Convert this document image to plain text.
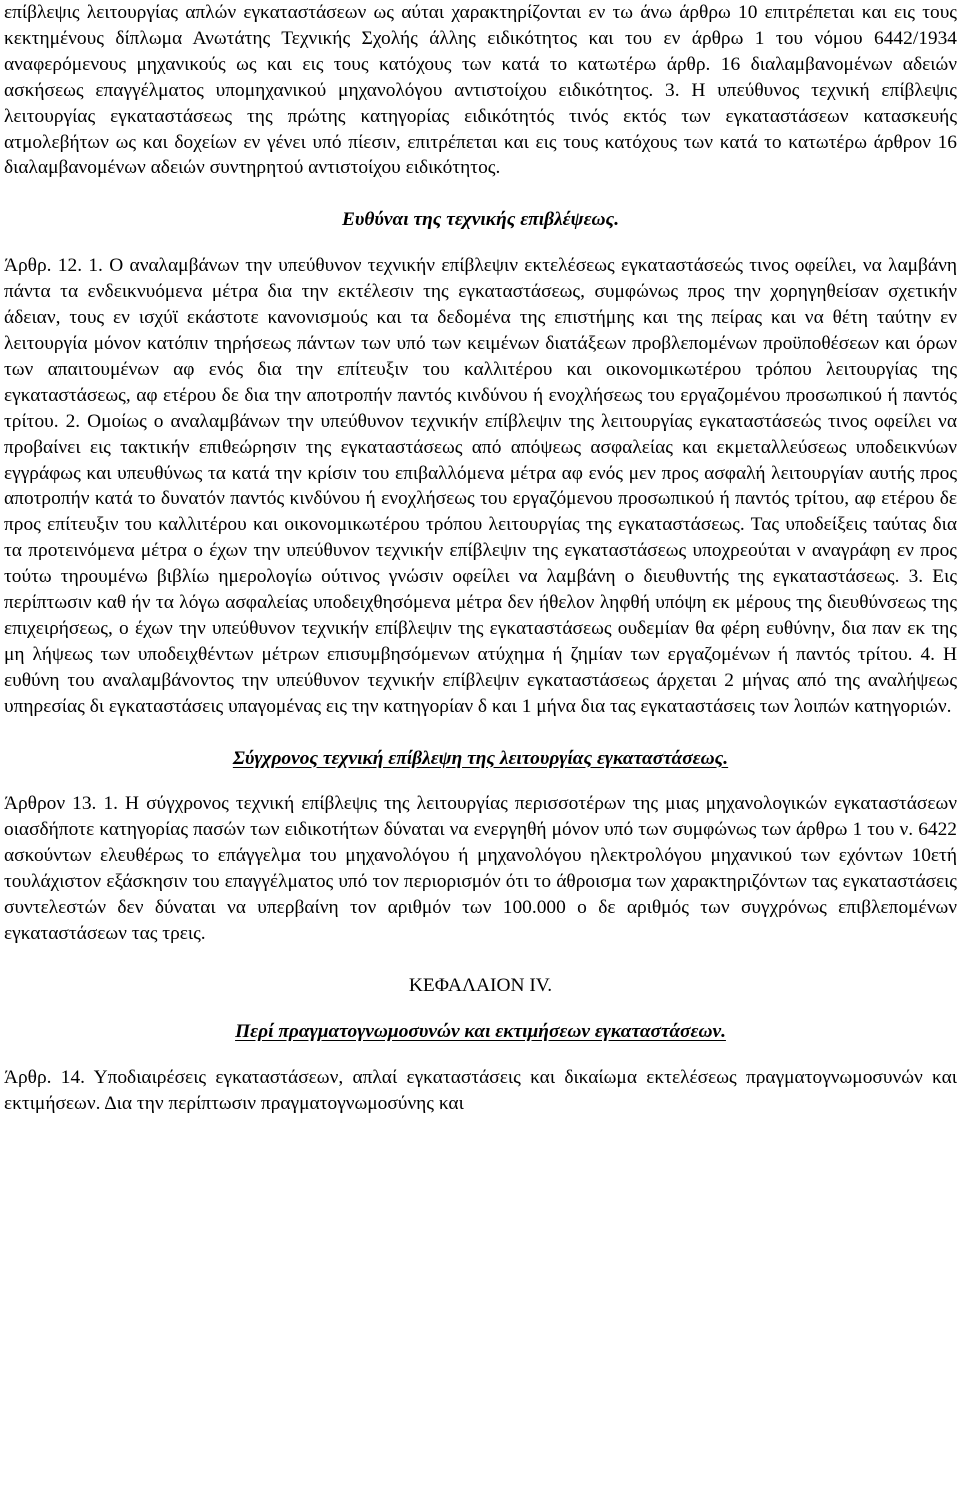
επίβλεψις λειτουργίας απλών εγκαταστάσεων ως αύται χαρακτηρίζονται εν τω άνω άρθρω 10 επιτρέπεται και εις τους κεκτημένους δίπλωμα Ανωτάτης Τεχνικής Σχολής άλλης ειδικότητος και του εν άρθρω 1 του νόμου 6442/1934 αναφερόμενους μηχανικούς ως και εις τους κατόχους των κατά το κατωτέρω άρθρ. 16 διαλαμβανομένων αδειών ασκήσεως επαγγέλματος υπομηχανικού μηχανολόγου αντιστοίχου ειδικότητος. 3. Η υπεύθυνος τεχνική επίβλεψις λειτουργίας εγκαταστάσεως της πρώτης κατηγορίας ειδικότητός τινός εκτός των εγκαταστάσεων κατασκευής ατμολεβήτων ως και δοχείων εν γένει υπό πίεσιν, επιτρέπεται και εις τους κατόχους των κατά το κατωτέρω άρθρον 16 διαλαμβανομένων αδειών συντηρητού αντιστοίχου ειδικότητος.

Ευθύναι της τεχνικής επιβλέψεως.

Άρθρ. 12. 1. Ο αναλαμβάνων την υπεύθυνον τεχνικήν επίβλεψιν εκτελέσεως εγκαταστάσεώς τινος οφείλει, να λαμβάνη πάντα τα ενδεικνυόμενα μέτρα δια την εκτέλεσιν της εγκαταστάσεως, συμφώνως προς την χορηγηθείσαν σχετικήν άδειαν, τους εν ισχύϊ εκάστοτε κανονισμούς και τα δεδομένα της επιστήμης και της πείρας και να θέτη ταύτην εν λειτουργία μόνον κατόπιν τηρήσεως πάντων των υπό των κειμένων διατάξεων προβλεπομένων προϋποθέσεων και όρων των απαιτουμένων αφ ενός δια την επίτευξιν του καλλιτέρου και οικονομικωτέρου τρόπου λειτουργίας της εγκαταστάσεως, αφ ετέρου δε δια την αποτροπήν παντός κινδύνου ή ενοχλήσεως του εργαζομένου προσωπικού ή παντός τρίτου. 2. Ομοίως ο αναλαμβάνων την υπεύθυνον τεχνικήν επίβλεψιν της λειτουργίας εγκαταστάσεώς τινος οφείλει να προβαίνει εις τακτικήν επιθεώρησιν της εγκαταστάσεως από απόψεως ασφαλείας και εκμεταλλεύσεως υποδεικνύων εγγράφως και υπευθύνως τα κατά την κρίσιν του επιβαλλόμενα μέτρα αφ ενός μεν προς ασφαλή λειτουργίαν αυτής προς αποτροπήν κατά το δυνατόν παντός κινδύνου ή ενοχλήσεως του εργαζόμενου προσωπικού ή παντός τρίτου, αφ ετέρου δε προς επίτευξιν του καλλιτέρου και οικονομικωτέρου τρόπου λειτουργίας της εγκαταστάσεως. Τας υποδείξεις ταύτας δια τα προτεινόμενα μέτρα ο έχων την υπεύθυνον τεχνικήν επίβλεψιν της εγκαταστάσεως υποχρεούται ν αναγράφη εν προς τούτω τηρουμένω βιβλίω ημερολογίω ούτινος γνώσιν οφείλει να λαμβάνη ο διευθυντής της εγκαταστάσεως. 3. Εις περίπτωσιν καθ ήν τα λόγω ασφαλείας υποδειχθησόμενα μέτρα δεν ήθελον ληφθή υπόψη εκ μέρους της διευθύνσεως της επιχειρήσεως, ο έχων την υπεύθυνον τεχνικήν επίβλεψιν της εγκαταστάσεως ουδεμίαν θα φέρη ευθύνην, δια παν εκ της μη λήψεως των υποδειχθέντων μέτρων επισυμβησόμενων ατύχημα ή ζημίαν των εργαζομένων ή παντός τρίτου. 4. Η ευθύνη του αναλαμβάνοντος την υπεύθυνον τεχνικήν επίβλεψιν εγκαταστάσεως άρχεται 2 μήνας από της αναλήψεως υπηρεσίας δι εγκαταστάσεις υπαγομένας εις την κατηγορίαν δ και 1 μήνα δια τας εγκαταστάσεις των λοιπών κατηγοριών.

Σύγχρονος τεχνική επίβλεψη της λειτουργίας εγκαταστάσεως.

Άρθρον 13. 1. Η σύγχρονος τεχνική επίβλεψις της λειτουργίας περισσοτέρων της μιας μηχανολογικών εγκαταστάσεων οιασδήποτε κατηγορίας πασών των ειδικοτήτων δύναται να ενεργηθή μόνον υπό των συμφώνως των άρθρω 1 του ν. 6422 ασκούντων ελευθέρως το επάγγελμα του μηχανολόγου ή μηχανολόγου ηλεκτρολόγου μηχανικού των εχόντων 10ετή τουλάχιστον εξάσκησιν του επαγγέλματος υπό τον περιορισμόν ότι το άθροισμα των χαρακτηριζόντων τας εγκαταστάσεις συντελεστών δεν δύναται να υπερβαίνη τον αριθμόν των 100.000 ο δε αριθμός των συγχρόνως επιβλεπομένων εγκαταστάσεων τας τρεις.

ΚΕΦΑΛΑΙΟΝ IV.

Περί πραγματογνωμοσυνών και εκτιμήσεων εγκαταστάσεων.

Άρθρ. 14. Υποδιαιρέσεις εγκαταστάσεων, απλαί εγκαταστάσεις και δικαίωμα εκτελέσεως πραγματογνωμοσυνών και εκτιμήσεων. Δια την περίπτωσιν πραγματογνωμοσύνης και
